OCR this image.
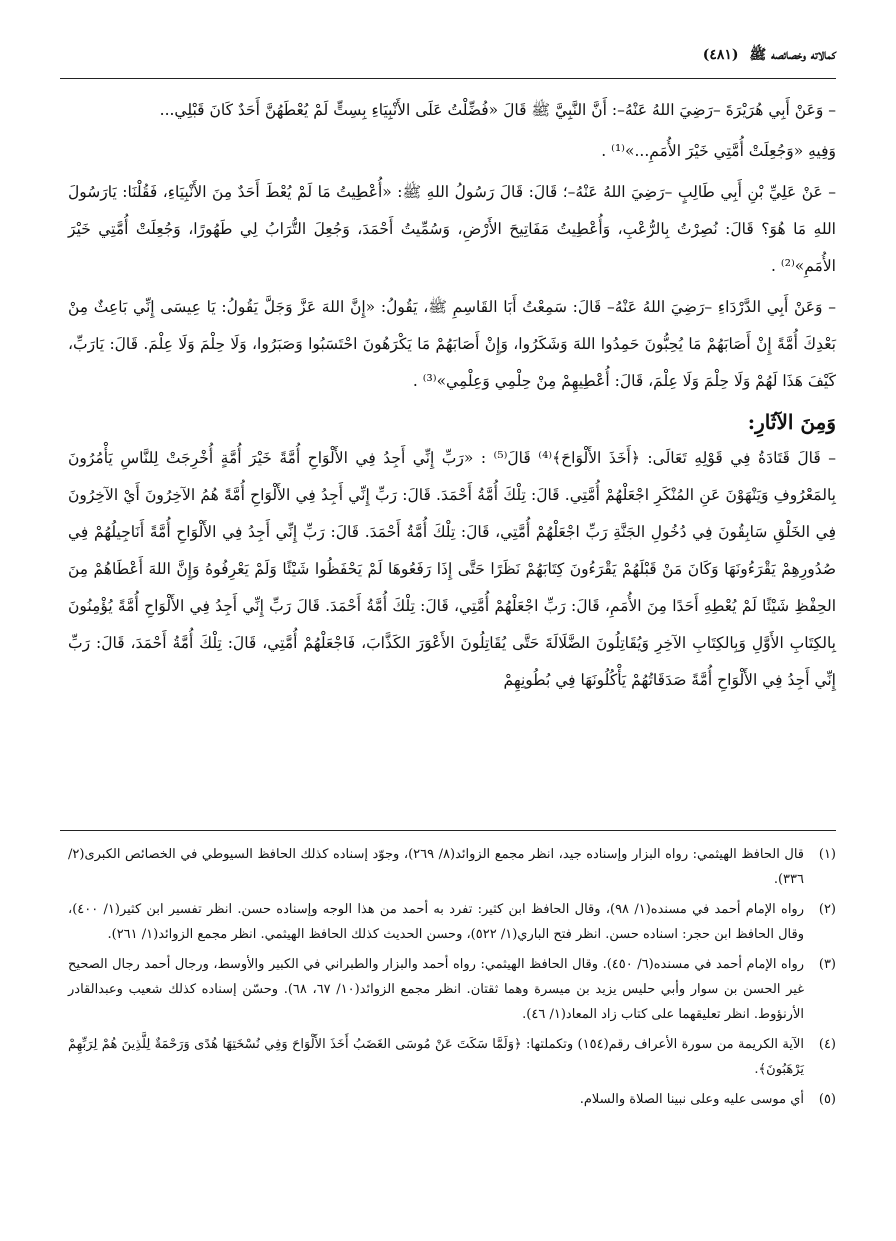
كمالاته وخصائصه ﷺ (٤٨١)

– وَعَنْ أَبِي هُرَيْرَةَ –رَضِيَ اللهُ عَنْهُ–: أَنَّ النَّبِيَّ ﷺ قَالَ «فُضِّلْتُ عَلَى الأَنْبِيَاءِ بِسِتٍّ لَمْ يُعْطَهُنَّ أَحَدٌ كَانَ قَبْلِي...

وَفِيهِ «وَجُعِلَتْ أُمَّتِي خَيْرَ الأُمَمِ...»⁽¹⁾ .

– عَنْ عَلِيِّ بْنِ أَبِي طَالِبٍ –رَضِيَ اللهُ عَنْهُ–؛ قَالَ: قَالَ رَسُولُ اللهِ ﷺ: «أُعْطِيتُ مَا لَمْ يُعْطَ أَحَدٌ مِنَ الأَنْبِيَاءِ، فَقُلْنَا: يَارَسُولَ اللهِ مَا هُوَ؟ قَالَ: نُصِرْتُ بِالرُّعْبِ، وَأُعْطِيتُ مَفَاتِيحَ الأَرْضِ، وَسُمِّيتُ أَحْمَدَ، وَجُعِلَ التُّرَابُ لِي طَهُورًا، وَجُعِلَتْ أُمَّتِي خَيْرَ الأُمَمِ»⁽²⁾ .

– وَعَنْ أَبِي الدَّرْدَاءِ –رَضِيَ اللهُ عَنْهُ– قَالَ: سَمِعْتُ أَبَا القَاسِمِ ﷺ، يَقُولُ: «إِنَّ اللهَ عَزَّ وَجَلَّ يَقُولُ: يَا عِيسَى إِنِّي بَاعِثٌ مِنْ بَعْدِكَ أُمَّةً إِنْ أَصَابَهُمْ مَا يُحِبُّونَ حَمِدُوا اللهَ وَشَكَرُوا، وَإِنْ أَصَابَهُمْ مَا يَكْرَهُونَ احْتَسَبُوا وَصَبَرُوا، وَلَا حِلْمَ وَلَا عِلْمَ. قَالَ: يَارَبِّ، كَيْفَ هَذَا لَهُمْ وَلَا حِلْمَ وَلَا عِلْمَ، قَالَ: أُعْطِيهِمْ مِنْ حِلْمِي وَعِلْمِي»⁽³⁾ .

وَمِنَ الآثَارِ:

– قَالَ قَتَادَةُ فِي قَوْلِهِ تَعَالَى: ﴿أَخَذَ الأَلْوَاحَ﴾⁽⁴⁾ قَالَ⁽⁵⁾ : «رَبِّ إِنِّي أَجِدُ فِي الأَلْوَاحِ أُمَّةً خَيْرَ أُمَّةٍ أُخْرِجَتْ لِلنَّاسِ يَأْمُرُونَ بِالمَعْرُوفِ وَيَنْهَوْنَ عَنِ المُنْكَرِ اجْعَلْهُمْ أُمَّتِي. قَالَ: تِلْكَ أُمَّةُ أَحْمَدَ. قَالَ: رَبِّ إِنِّي أَجِدُ فِي الأَلْوَاحِ أُمَّةً هُمُ الآخِرُونَ أَيْ الآخِرُونَ فِي الخَلْقِ سَابِقُونَ فِي دُخُولِ الجَنَّةِ رَبِّ اجْعَلْهُمْ أُمَّتِي، قَالَ: تِلْكَ أُمَّةُ أَحْمَدَ. قَالَ: رَبِّ إِنِّي أَجِدُ فِي الأَلْوَاحِ أُمَّةً أَنَاجِيلُهُمْ فِي صُدُورِهِمْ يَقْرَءُونَهَا وَكَانَ مَنْ قَبْلَهُمْ يَقْرَءُونَ كِتَابَهُمْ نَظَرًا حَتَّى إِذَا رَفَعُوهَا لَمْ يَحْفَظُوا شَيْئًا وَلَمْ يَعْرِفُوهُ وَإِنَّ اللهَ أَعْطَاهُمْ مِنَ الحِفْظِ شَيْئًا لَمْ يُعْطِهِ أَحَدًا مِنَ الأُمَمِ، قَالَ: رَبِّ اجْعَلْهُمْ أُمَّتِي، قَالَ: تِلْكَ أُمَّةُ أَحْمَدَ. قَالَ رَبِّ إِنِّي أَجِدُ فِي الأَلْوَاحِ أُمَّةً يُؤْمِنُونَ بِالكِتَابِ الأَوَّلِ وَبِالكِتَابِ الآخِرِ وَيُقَاتِلُونَ الضَّلَالَةَ حَتَّى يُقَاتِلُونَ الأَعْوَرَ الكَذَّابَ، فَاجْعَلْهُمْ أُمَّتِي، قَالَ: تِلْكَ أُمَّةُ أَحْمَدَ، قَالَ: رَبِّ إِنِّي أَجِدُ فِي الأَلْوَاحِ أُمَّةً صَدَقَاتُهُمْ يَأْكُلُونَهَا فِي بُطُونِهِمْ

(١)
قال الحافظ الهيثمي: رواه البزار وإسناده جيد، انظر مجمع الزوائد(٨/ ٢٦٩)، وجوّد إسناده كذلك الحافظ السيوطي في الخصائص الكبرى(٢/ ٣٣٦).
(٢)
رواه الإمام أحمد في مسنده(١/ ٩٨)، وقال الحافظ ابن كثير: تفرد به أحمد من هذا الوجه وإسناده حسن. انظر تفسير ابن كثير(١/ ٤٠٠)، وقال الحافظ ابن حجر: اسناده حسن. انظر فتح الباري(١/ ٥٢٢)، وحسن الحديث كذلك الحافظ الهيثمي. انظر مجمع الزوائد(١/ ٢٦١).
(٣)
رواه الإمام أحمد في مسنده(٦/ ٤٥٠). وقال الحافظ الهيثمي: رواه أحمد والبزار والطبراني في الكبير والأوسط، ورجال أحمد رجال الصحيح غير الحسن بن سوار وأبي حليس يزيد بن ميسرة وهما ثقتان. انظر مجمع الزوائد(١٠/ ٦٧، ٦٨). وحسّن إسناده كذلك شعيب وعبدالقادر الأرنؤوط. انظر تعليقهما على كتاب زاد المعاد(١/ ٤٦).
(٤)
الآية الكريمة من سورة الأعراف رقم(١٥٤) وتكملتها: ﴿وَلَمَّا سَكَتَ عَنْ مُوسَى الغَضَبُ أَخَذَ الأَلْوَاحَ وَفِي نُسْخَتِهَا هُدًى وَرَحْمَةٌ لِلَّذِينَ هُمْ لِرَبِّهِمْ يَرْهَبُونَ﴾.
(٥)
أي موسى عليه وعلى نبينا الصلاة والسلام.
